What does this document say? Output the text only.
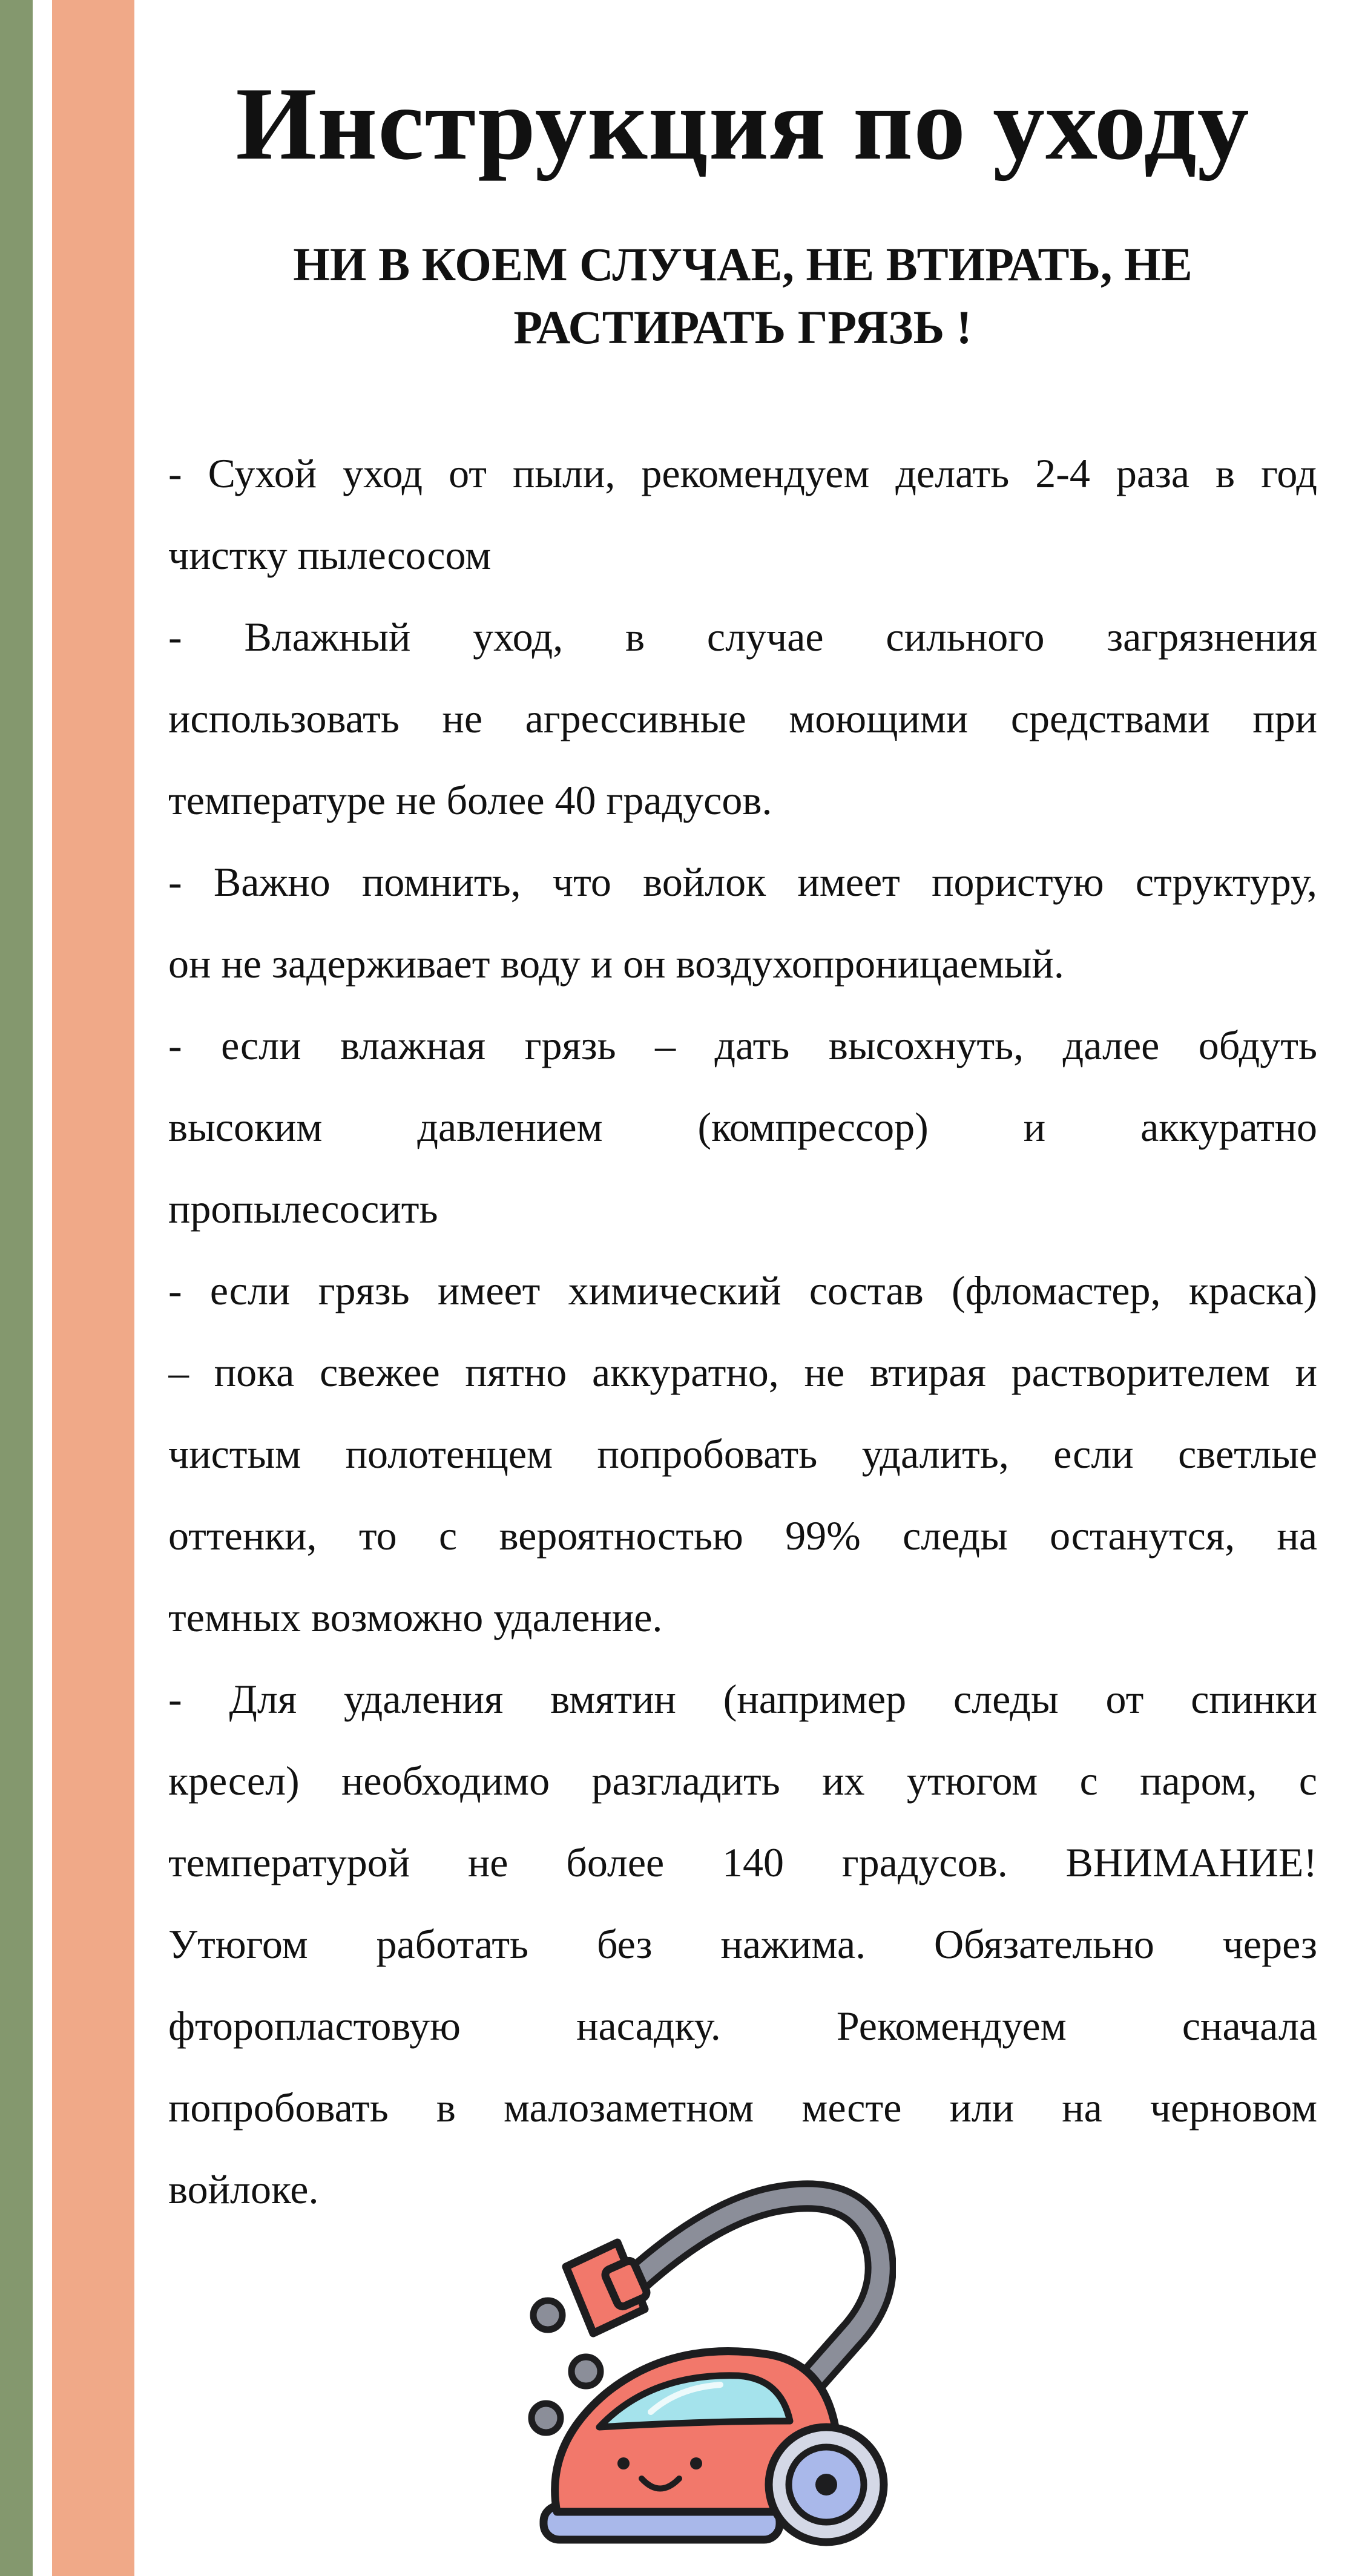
Инструкция по уходу
НИ В КОЕМ СЛУЧАЕ, НЕ ВТИРАТЬ, НЕ
РАСТИРАТЬ ГРЯЗЬ !
- Сухой уход от пыли, рекомендуем делать 2-4 раза в год
чистку пылесосом
- Влажный уход, в случае сильного загрязнения
использовать не агрессивные моющими средствами при
температуре не более 40 градусов.
- Важно помнить, что войлок имеет пористую структуру,
он не задерживает воду и он воздухопроницаемый.
- если влажная грязь – дать высохнуть, далее обдуть
высоким давлением (компрессор) и аккуратно
пропылесосить
- если грязь имеет химический состав (фломастер, краска)
– пока свежее пятно аккуратно, не втирая растворителем и
чистым полотенцем попробовать удалить, если светлые
оттенки, то с вероятностью 99% следы останутся, на
темных возможно удаление.
- Для удаления вмятин (например следы от спинки
кресел) необходимо разгладить их утюгом с паром, с
температурой не более 140 градусов. ВНИМАНИЕ!
Утюгом работать без нажима. Обязательно через
фторопластовую насадку. Рекомендуем сначала
попробовать в малозаметном месте или на черновом
войлоке.
